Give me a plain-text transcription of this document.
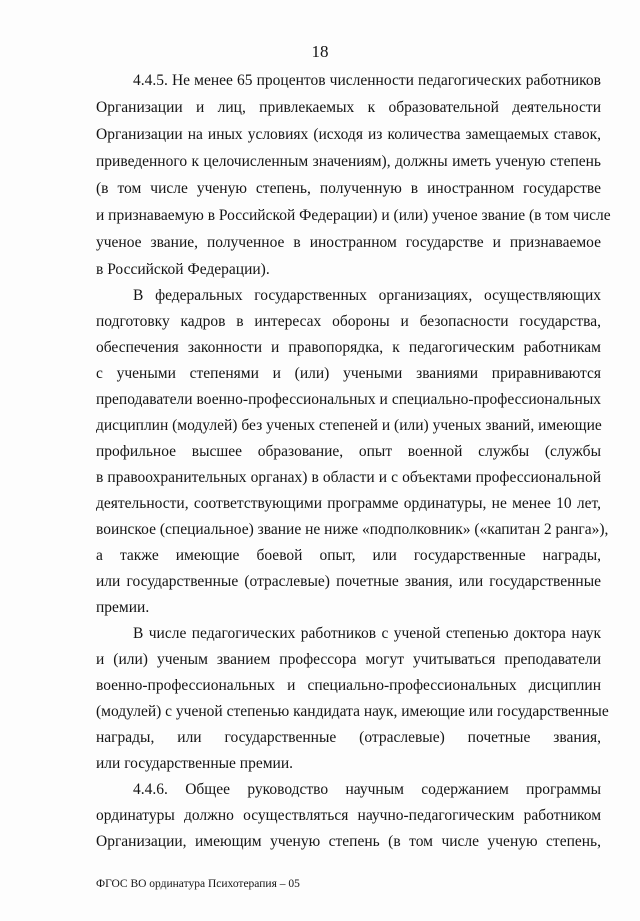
18
4.4.5. Не менее 65 процентов численности педагогических работников
Организации и лиц, привлекаемых к образовательной деятельности
Организации на иных условиях (исходя из количества замещаемых ставок,
приведенного к целочисленным значениям), должны иметь ученую степень
(в том числе ученую степень, полученную в иностранном государстве
и признаваемую в Российской Федерации) и (или) ученое звание (в том числе
ученое звание, полученное в иностранном государстве и признаваемое
в Российской Федерации).
В федеральных государственных организациях, осуществляющих
подготовку кадров в интересах обороны и безопасности государства,
обеспечения законности и правопорядка, к педагогическим работникам
с учеными степенями и (или) учеными званиями приравниваются
преподаватели военно-профессиональных и специально-профессиональных
дисциплин (модулей) без ученых степеней и (или) ученых званий, имеющие
профильное высшее образование, опыт военной службы (службы
в правоохранительных органах) в области и с объектами профессиональной
деятельности, соответствующими программе ординатуры, не менее 10 лет,
воинское (специальное) звание не ниже «подполковник» («капитан 2 ранга»),
а также имеющие боевой опыт, или государственные награды,
или государственные (отраслевые) почетные звания, или государственные
премии.
В числе педагогических работников с ученой степенью доктора наук
и (или) ученым званием профессора могут учитываться преподаватели
военно-профессиональных и специально-профессиональных дисциплин
(модулей) с ученой степенью кандидата наук, имеющие или государственные
награды, или государственные (отраслевые) почетные звания,
или государственные премии.
4.4.6. Общее руководство научным содержанием программы
ординатуры должно осуществляться научно-педагогическим работником
Организации, имеющим ученую степень (в том числе ученую степень,
ФГОС ВО ординатура Психотерапия – 05
